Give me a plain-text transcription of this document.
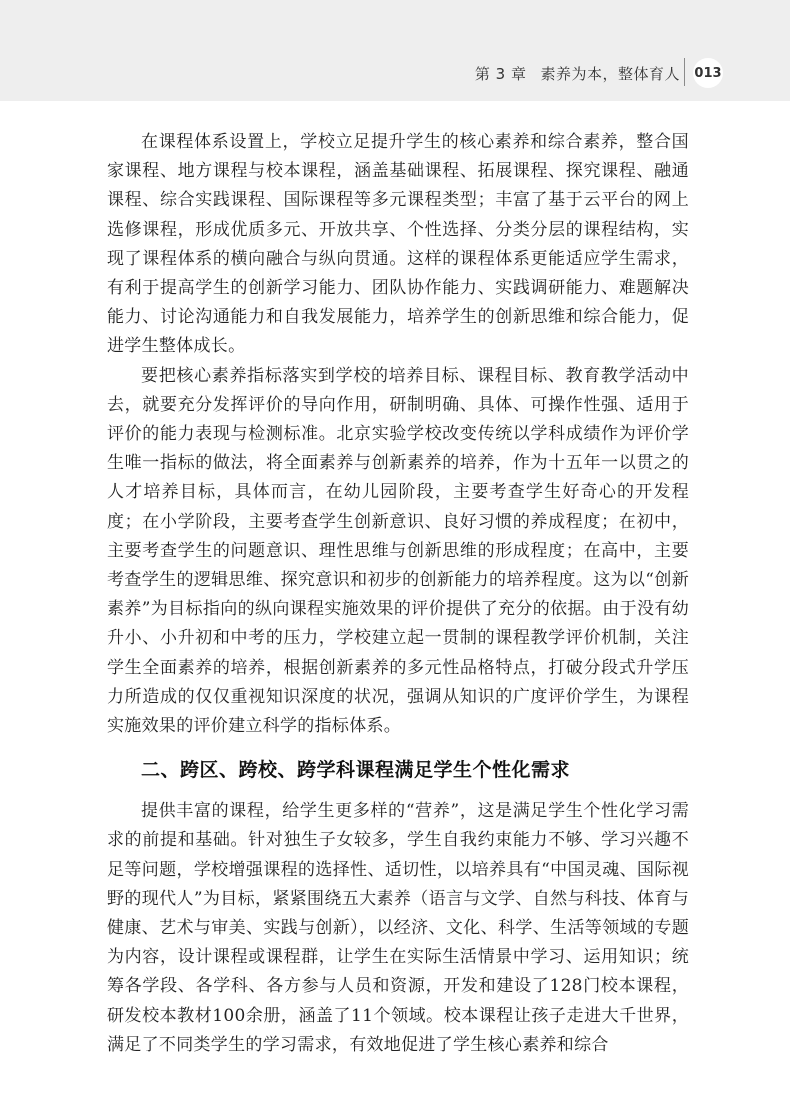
第 3 章 素养为本，整体育人 013

在课程体系设置上，学校立足提升学生的核心素养和综合素养，整合国家课程、地方课程与校本课程，涵盖基础课程、拓展课程、探究课程、融通课程、综合实践课程、国际课程等多元课程类型；丰富了基于云平台的网上选修课程，形成优质多元、开放共享、个性选择、分类分层的课程结构，实现了课程体系的横向融合与纵向贯通。这样的课程体系更能适应学生需求，有利于提高学生的创新学习能力、团队协作能力、实践调研能力、难题解决能力、讨论沟通能力和自我发展能力，培养学生的创新思维和综合能力，促进学生整体成长。

要把核心素养指标落实到学校的培养目标、课程目标、教育教学活动中去，就要充分发挥评价的导向作用，研制明确、具体、可操作性强、适用于评价的能力表现与检测标准。北京实验学校改变传统以学科成绩作为评价学生唯一指标的做法，将全面素养与创新素养的培养，作为十五年一以贯之的人才培养目标，具体而言，在幼儿园阶段，主要考查学生好奇心的开发程度；在小学阶段，主要考查学生创新意识、良好习惯的养成程度；在初中，主要考查学生的问题意识、理性思维与创新思维的形成程度；在高中，主要考查学生的逻辑思维、探究意识和初步的创新能力的培养程度。这为以“创新素养”为目标指向的纵向课程实施效果的评价提供了充分的依据。由于没有幼升小、小升初和中考的压力，学校建立起一贯制的课程教学评价机制，关注学生全面素养的培养，根据创新素养的多元性品格特点，打破分段式升学压力所造成的仅仅重视知识深度的状况，强调从知识的广度评价学生，为课程实施效果的评价建立科学的指标体系。

二、跨区、跨校、跨学科课程满足学生个性化需求

提供丰富的课程，给学生更多样的“营养”，这是满足学生个性化学习需求的前提和基础。针对独生子女较多，学生自我约束能力不够、学习兴趣不足等问题，学校增强课程的选择性、适切性，以培养具有“中国灵魂、国际视野的现代人”为目标，紧紧围绕五大素养（语言与文学、自然与科技、体育与健康、艺术与审美、实践与创新），以经济、文化、科学、生活等领域的专题为内容，设计课程或课程群，让学生在实际生活情景中学习、运用知识；统筹各学段、各学科、各方参与人员和资源，开发和建设了128门校本课程，研发校本教材100余册，涵盖了11个领域。校本课程让孩子走进大千世界，满足了不同类学生的学习需求，有效地促进了学生核心素养和综合
